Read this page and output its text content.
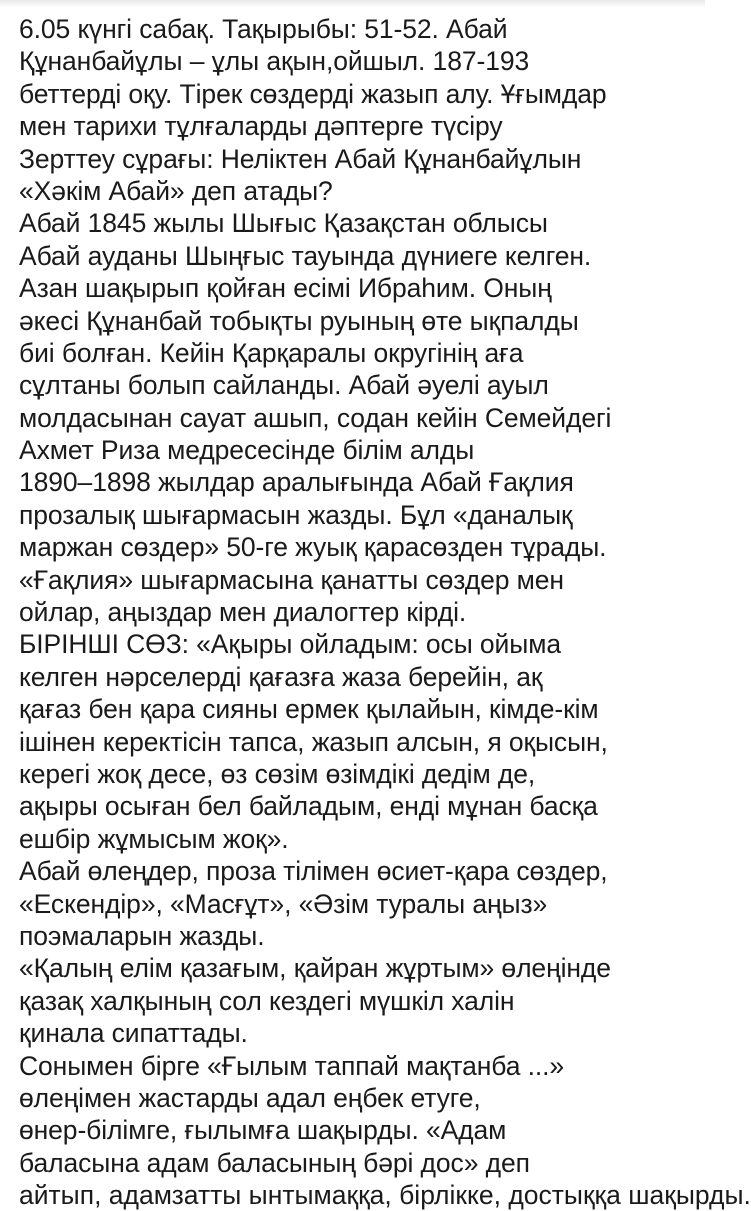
6.05 күнгі сабақ. Тақырыбы: 51-52. Абай
Құнанбайұлы – ұлы ақын,ойшыл. 187-193
беттерді оқу. Тірек сөздерді жазып алу. Ұғымдар
мен тарихи тұлғаларды дәптерге түсіру
Зерттеу сұрағы: Неліктен Абай Құнанбайұлын
«Хәкім Абай» деп атады?
Абай 1845 жылы Шығыс Қазақстан облысы
Абай ауданы Шыңғыс тауында дүниеге келген.
Азан шақырып қойған есімі Ибраһим. Оның
әкесі Құнанбай тобықты руының өте ықпалды
биі болған. Кейін Қарқаралы округінің аға
сұлтаны болып сайланды. Абай әуелі ауыл
молдасынан сауат ашып, содан кейін Семейдегі
Ахмет Риза медресесінде білім алды
1890–1898 жылдар аралығында Абай Ғақлия
прозалық шығармасын жазды. Бұл «даналық
маржан сөздер» 50-ге жуық қарасөзден тұрады.
«Ғақлия» шығармасына қанатты сөздер мен
ойлар, аңыздар мен диалогтер кірді.
БІРІНШІ СӨЗ: «Ақыры ойладым: осы ойыма
келген нәрселерді қағазға жаза берейін, ақ
қағаз бен қара сияны ермек қылайын, кімде-кім
ішінен керектісін тапса, жазып алсын, я оқысын,
керегі жоқ десе, өз сөзім өзімдікі дедім де,
ақыры осыған бел байладым, енді мұнан басқа
ешбір жұмысым жоқ».
Абай өлеңдер, проза тілімен өсиет-қара сөздер,
«Ескендір», «Масғұт», «Әзім туралы аңыз»
поэмаларын жазды.
«Қалың елім қазағым, қайран жұртым» өлеңінде
қазақ халқының сол кездегі мүшкіл халін
қинала сипаттады.
Сонымен бірге «Ғылым таппай мақтанба ...»
өлеңімен жастарды адал еңбек етуге,
өнер-білімге, ғылымға шақырды. «Адам
баласына адам баласының бәрі дос» деп
айтып, адамзатты ынтымаққа, бірлікке, достыққа шақырды.
